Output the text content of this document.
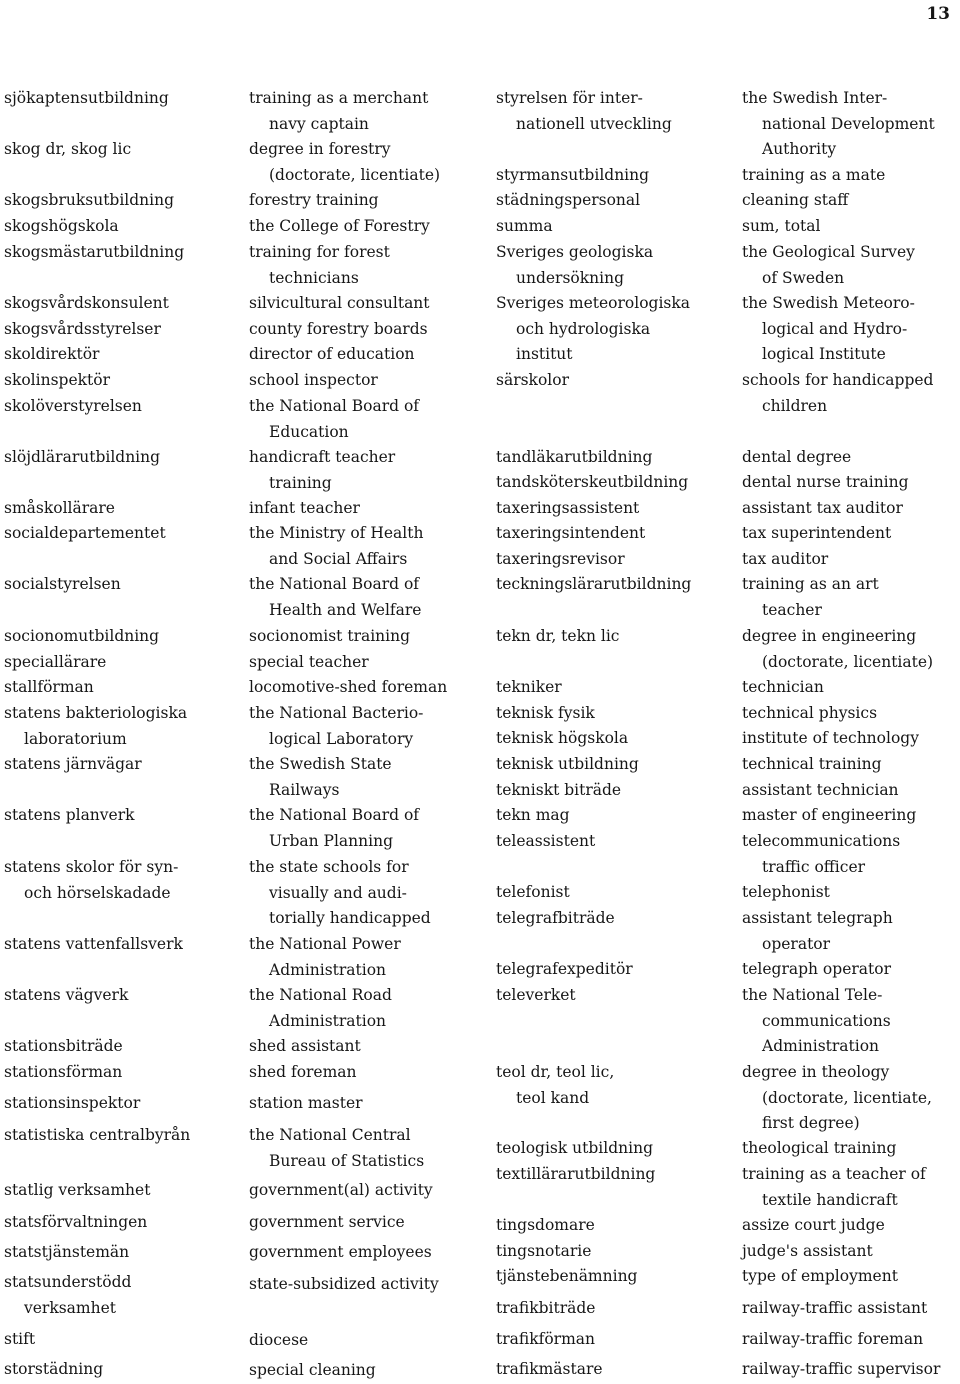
13
sjökaptensutbildning
skog dr, skog lic
skogsbruksutbildning
skogshögskola
skogsmästarutbildning
skogsvårdskonsulent
skogsvårdsstyrelser
skoldirektör
skolinspektör
skolöverstyrelsen
slöjdlärarutbildning
småskollärare
socialdepartementet
socialstyrelsen
socionomutbildning
speciallärare
stallförman
statens bakteriologiska
laboratorium
statens järnvägar
statens planverk
statens skolor för syn-
och hörselskadade
statens vattenfallsverk
statens vägverk
stationsbiträde
stationsförman
stationsinspektor
statistiska centralbyrån
statlig verksamhet
statsförvaltningen
statstjänstemän
statsunderstödd
verksamhet
stift
storstädning
training as a merchant
navy captain
degree in forestry
(doctorate, licentiate)
forestry training
the College of Forestry
training for forest
technicians
silvicultural consultant
county forestry boards
director of education
school inspector
the National Board of
Education
handicraft teacher
training
infant teacher
the Ministry of Health
and Social Affairs
the National Board of
Health and Welfare
socionomist training
special teacher
locomotive-shed foreman
the National Bacterio-
logical Laboratory
the Swedish State
Railways
the National Board of
Urban Planning
the state schools for
visually and audi-
torially handicapped
the National Power
Administration
the National Road
Administration
shed assistant
shed foreman
station master
the National Central
Bureau of Statistics
government(al) activity
government service
government employees
state-subsidized activity
diocese
special cleaning
styrelsen för inter-
nationell utveckling
styrmansutbildning
städningspersonal
summa
Sveriges geologiska
undersökning
Sveriges meteorologiska
och hydrologiska
institut
särskolor
tandläkarutbildning
tandsköterskeutbildning
taxeringsassistent
taxeringsintendent
taxeringsrevisor
teckningslärarutbildning
tekn dr, tekn lic
tekniker
teknisk fysik
teknisk högskola
teknisk utbildning
tekniskt biträde
tekn mag
teleassistent
telefonist
telegrafbiträde
telegrafexpeditör
televerket
teol dr, teol lic,
teol kand
teologisk utbildning
textillärarutbildning
tingsdomare
tingsnotarie
tjänstebenämning
trafikbiträde
trafikförman
trafikmästare
the Swedish Inter-
national Development
Authority
training as a mate
cleaning staff
sum, total
the Geological Survey
of Sweden
the Swedish Meteoro-
logical and Hydro-
logical Institute
schools for handicapped
children
dental degree
dental nurse training
assistant tax auditor
tax superintendent
tax auditor
training as an art
teacher
degree in engineering
(doctorate, licentiate)
technician
technical physics
institute of technology
technical training
assistant technician
master of engineering
telecommunications
traffic officer
telephonist
assistant telegraph
operator
telegraph operator
the National Tele-
communications
Administration
degree in theology
(doctorate, licentiate,
first degree)
theological training
training as a teacher of
textile handicraft
assize court judge
judge's assistant
type of employment
railway-traffic assistant
railway-traffic foreman
railway-traffic supervisor
